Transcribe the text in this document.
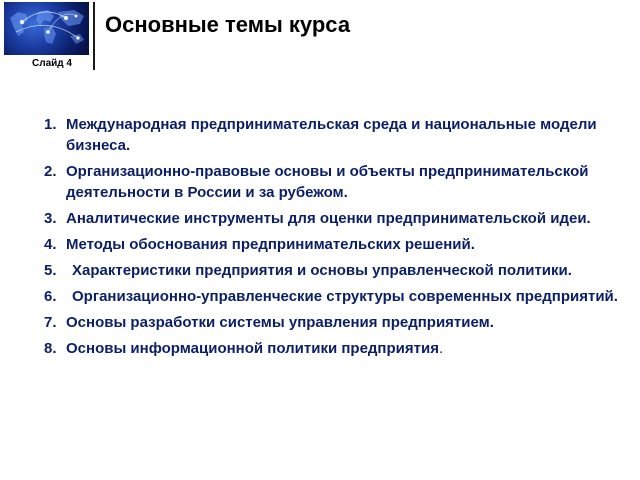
Слайд 4
Основные темы курса
1. Международная предпринимательская среда и национальные модели бизнеса.
2. Организационно-правовые основы и объекты предпринимательской деятельности в России и за рубежом.
3. Аналитические инструменты для оценки предпринимательской идеи.
4. Методы обоснования предпринимательских решений.
5.	Характеристики предприятия и основы управленческой политики.
6.	Организационно-управленческие структуры современных предприятий.
7. Основы разработки системы управления предприятием.
8. Основы информационной политики предприятия.
